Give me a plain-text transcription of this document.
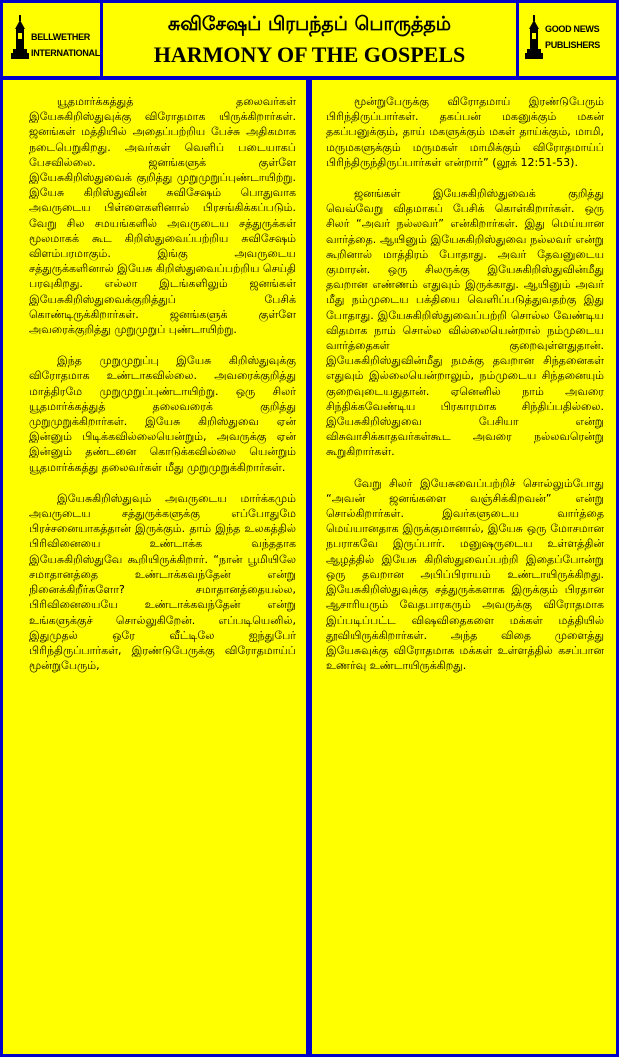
BELLWETHER INTERNATIONAL
சுவிசேஷப் பிரபந்தப் பொருத்தம்
HARMONY OF THE GOSPELS
GOOD NEWS PUBLISHERS

யூதமார்க்கத்துத் தலைவர்கள் இயேசுகிறிஸ்துவுக்கு விரோதமாக யிருக்கிறார்கள். ஜனங்கள் மத்தியில் அதைப்பற்றிய பேச்சு அதிகமாக நடைபெறுகிறது. அவர்கள் வெளிப் படையாகப் பேசவில்லை. ஜனங்களுக் குள்ளே இயேசுகிறிஸ்துவைக் குறித்து முறுமுறுப்புண்டாயிற்று. இயேசு கிறிஸ்துவின் சுவிசேஷம் பொதுவாக அவருடைய பிள்ளைகளினால் பிரசங்கிக்கப்படும். வேறு சில சமயங்களில் அவருடைய சத்துருக்கள் மூலமாகக் கூட கிறிஸ்துவைப்பற்றிய சுவிசேஷம் விளம்பரமாகும். இங்கு அவருடைய சத்துருக்களினால் இயேசு கிறிஸ்துவைப்பற்றிய செய்தி பரவுகிறது. எல்லா இடங்களிலும் ஜனங்கள் இயேசுகிறிஸ்துவைக்குறித்துப் பேசிக் கொண்டிருக்கிறார்கள். ஜனங்களுக் குள்ளே அவரைக்குறித்து முறுமுறுப் புண்டாயிற்று.

இந்த முறுமுறுப்பு இயேசு கிறிஸ்துவுக்கு விரோதமாக உண்டாகவில்லை. அவரைக்குறித்து மாத்திரமே முறுமுறுப்புண்டாயிற்று. ஒரு சிலர் யூதமார்க்கத்துத் தலைவரைக் குறித்து முறுமுறுக்கிறார்கள். இயேசு கிறிஸ்துவை ஏன் இன்னும் பிடிக்கவில்லையென்றும், அவருக்கு ஏன் இன்னும் தண்டனை கொடுக்கவில்லை யென்றும் யூதமார்க்கத்து தலைவர்கள் மீது முறுமுறுக்கிறார்கள்.

இயேசுகிறிஸ்துவும் அவருடைய மார்க்கமும் அவருடைய சத்துருக்களுக்கு எப்போதுமே பிரச்சனையாகத்தான் இருக்கும். தாம் இந்த உலகத்தில் பிரிவினையை உண்டாக்க வந்ததாக இயேசுகிறிஸ்துவே கூறியிருக்கிறார். “நான் பூமியிலே சமாதானத்தை உண்டாக்கவந்தேன் என்று நினைக்கிறீர்களோ? சமாதானத்தையல்ல, பிரிவினையையே உண்டாக்கவந்தேன் என்று உங்களுக்குச் சொல்லுகிறேன். எப்படியெனில், இதுமுதல் ஒரே வீட்டிலே ஐந்துபேர் பிரிந்திருப்பார்கள், இரண்டுபேருக்கு விரோதமாய்ப் மூன்றுபேரும்,

மூன்றுபேருக்கு விரோதமாய் இரண்டுபேரும் பிரிந்திருப்பார்கள். தகப்பன் மகனுக்கும் மகன் தகப்பனுக்கும், தாய் மகளுக்கும் மகள் தாய்க்கும், மாமி, மருமகளுக்கும் மருமகள் மாமிக்கும் விரோதமாய்ப் பிரிந்திருந்திருப்பார்கள் என்றார்” (லூக் 12:51-53).

ஜனங்கள் இயேசுகிறிஸ்துவைக் குறித்து வெவ்வேறு விதமாகப் பேசிக் கொள்கிறார்கள். ஒரு சிலர் “அவர் நல்லவர்” என்கிறார்கள். இது மெய்யான வார்த்தை. ஆயினும் இயேசுகிறிஸ்துவை நல்லவர் என்று கூறினால் மாத்திரம் போதாது. அவர் தேவனுடைய குமாரன். ஒரு சிலருக்கு இயேசுகிறிஸ்துவின்மீது தவறான எண்ணம் எதுவும் இருக்காது. ஆயினும் அவர் மீது நம்முடைய பக்தியை வெளிப்படுத்துவதற்கு இது போதாது. இயேசுகிறிஸ்துவைப்பற்றி சொல்ல வேண்டிய விதமாக நாம் சொல்ல வில்லையென்றால் நம்முடைய வார்த்தைகள் குறைவுள்ளதுதான். இயேசுகிறிஸ்துவின்மீது நமக்கு தவறான சிந்தனைகள் எதுவும் இல்லையென்றாலும், நம்முடைய சிந்தனையும் குறைவுடையதுதான். ஏனெனில் நாம் அவரை சிந்திக்கவேண்டிய பிரகாரமாக சிந்திப்பதில்லை. இயேசுகிறிஸ்துவை பேசியா என்று விசுவாசிக்காதவர்கள்கூட அவரை நல்லவரென்று கூறுகிறார்கள்.

வேறு சிலர் இயேசுவைப்பற்றிச் சொல்லும்போது “அவன் ஜனங்களை வஞ்சிக்கிறவன்” என்று சொல்கிறார்கள். இவர்களுடைய வார்த்தை மெய்யானதாக இருக்குமானால், இயேசு ஒரு மோசமான நபராகவே இருப்பார். மனுஷருடைய உள்ளத்தின் ஆழத்தில் இயேசு கிறிஸ்துவைப்பற்றி இதைப்போன்று ஒரு தவறான அபிப்பிராயம் உண்டாயிருக்கிறது. இயேசுகிறிஸ்துவுக்கு சத்துருக்களாக இருக்கும் பிரதான ஆசாரியரும் வேதபாரகரும் அவருக்கு விரோதமாக இப்படிப்பட்ட விஷவிதைகளை மக்கள் மத்தியில் தூவியிருக்கிறார்கள். அந்த விதை முளைத்து இயேசுவுக்கு விரோதமாக மக்கள் உள்ளத்தில் கசப்பான உணர்வு உண்டாயிருக்கிறது.
